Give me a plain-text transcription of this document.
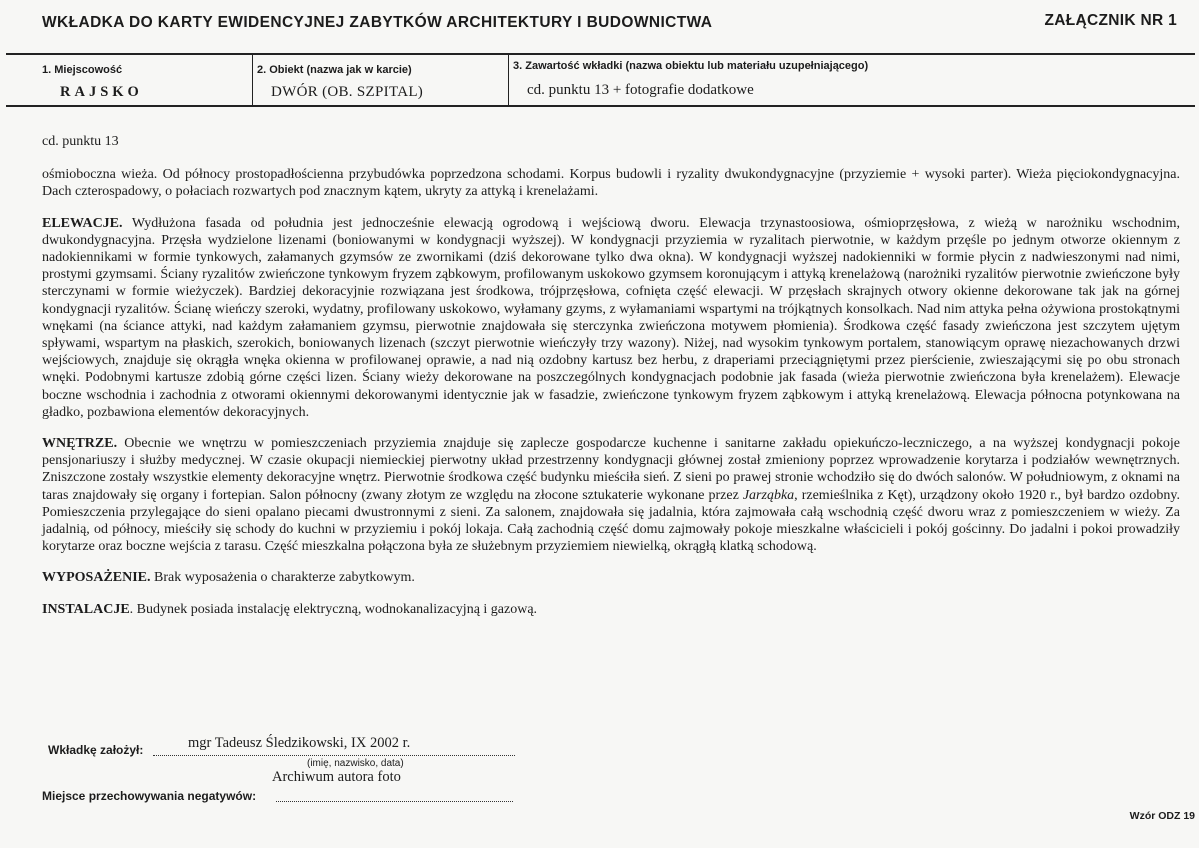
WKŁADKA DO KARTY EWIDENCYJNEJ ZABYTKÓW ARCHITEKTURY I BUDOWNICTWA	ZAŁĄCZNIK NR 1
1. Miejscowość
RAJSKO
2. Obiekt (nazwa jak w karcie)
DWÓR (OB. SZPITAL)
3. Zawartość wkładki (nazwa obiektu lub materiału uzupełniającego)
cd. punktu 13 + fotografie dodatkowe

cd. punktu 13

ośmioboczna wieża. Od północy prostopadłościenna przybudówka poprzedzona schodami. Korpus budowli i ryzality dwukondygnacyjne (przyziemie + wysoki parter). Wieża pięciokondygnacyjna. Dach czterospadowy, o połaciach rozwartych pod znacznym kątem, ukryty za attyką i krenelażami.

ELEWACJE. Wydłużona fasada od południa jest jednocześnie elewacją ogrodową i wejściową dworu. Elewacja trzynastoosiowa, ośmioprzęsłowa, z wieżą w narożniku wschodnim, dwukondygnacyjna. Przęsła wydzielone lizenami (boniowanymi w kondygnacji wyższej). W kondygnacji przyziemia w ryzalitach pierwotnie, w każdym przęśle po jednym otworze okiennym z nadokiennikami w formie tynkowych, załamanych gzymsów ze zwornikami (dziś dekorowane tylko dwa okna). W kondygnacji wyższej nadokienniki w formie płycin z nadwieszonymi nad nimi, prostymi gzymsami. Ściany ryzalitów zwieńczone tynkowym fryzem ząbkowym, profilowanym uskokowo gzymsem koronującym i attyką krenelażową (narożniki ryzalitów pierwotnie zwieńczone były sterczynami w formie wieżyczek). Bardziej dekoracyjnie rozwiązana jest środkowa, trójprzęsłowa, cofnięta część elewacji. W przęsłach skrajnych otwory okienne dekorowane tak jak na górnej kondygnacji ryzalitów. Ścianę wieńczy szeroki, wydatny, profilowany uskokowo, wyłamany gzyms, z wyłamaniami wspartymi na trójkątnych konsolkach. Nad nim attyka pełna ożywiona prostokątnymi wnękami (na ściance attyki, nad każdym załamaniem gzymsu, pierwotnie znajdowała się sterczynka zwieńczona motywem płomienia). Środkowa część fasady zwieńczona jest szczytem ujętym spływami, wspartym na płaskich, szerokich, boniowanych lizenach (szczyt pierwotnie wieńczyły trzy wazony). Niżej, nad wysokim tynkowym portalem, stanowiącym oprawę niezachowanych drzwi wejściowych, znajduje się okrągła wnęka okienna w profilowanej oprawie, a nad nią ozdobny kartusz bez herbu, z draperiami przeciągniętymi przez pierścienie, zwieszającymi się po obu stronach wnęki. Podobnymi kartusze zdobią górne części lizen. Ściany wieży dekorowane na poszczególnych kondygnacjach podobnie jak fasada (wieża pierwotnie zwieńczona była krenelażem). Elewacje boczne wschodnia i zachodnia z otworami okiennymi dekorowanymi identycznie jak w fasadzie, zwieńczone tynkowym fryzem ząbkowym i attyką krenelażową. Elewacja północna potynkowana na gładko, pozbawiona elementów dekoracyjnych.

WNĘTRZE. Obecnie we wnętrzu w pomieszczeniach przyziemia znajduje się zaplecze gospodarcze kuchenne i sanitarne zakładu opiekuńczo-leczniczego, a na wyższej kondygnacji pokoje pensjonariuszy i służby medycznej. W czasie okupacji niemieckiej pierwotny układ przestrzenny kondygnacji głównej został zmieniony poprzez wprowadzenie korytarza i podziałów wewnętrznych. Zniszczone zostały wszystkie elementy dekoracyjne wnętrz. Pierwotnie środkowa część budynku mieściła sień. Z sieni po prawej stronie wchodziło się do dwóch salonów. W południowym, z oknami na taras znajdowały się organy i fortepian. Salon północny (zwany złotym ze względu na złocone sztukaterie wykonane przez Jarząbka, rzemieślnika z Kęt), urządzony około 1920 r., był bardzo ozdobny. Pomieszczenia przylegające do sieni opalano piecami dwustronnymi z sieni. Za salonem, znajdowała się jadalnia, która zajmowała całą wschodnią część dworu wraz z pomieszczeniem w wieży. Za jadalnią, od północy, mieściły się schody do kuchni w przyziemiu i pokój lokaja. Całą zachodnią część domu zajmowały pokoje mieszkalne właścicieli i pokój gościnny. Do jadalni i pokoi prowadziły korytarze oraz boczne wejścia z tarasu. Część mieszkalna połączona była ze służebnym przyziemiem niewielką, okrągłą klatką schodową.

WYPOSAŻENIE. Brak wyposażenia o charakterze zabytkowym.

INSTALACJE. Budynek posiada instalację elektryczną, wodnokanalizacyjną i gazową.

Wkładkę założył:	mgr Tadeusz Śledzikowski, IX 2002 r.
(imię, nazwisko, data)
Archiwum autora foto
Miejsce przechowywania negatywów:
Wzór ODZ 19
